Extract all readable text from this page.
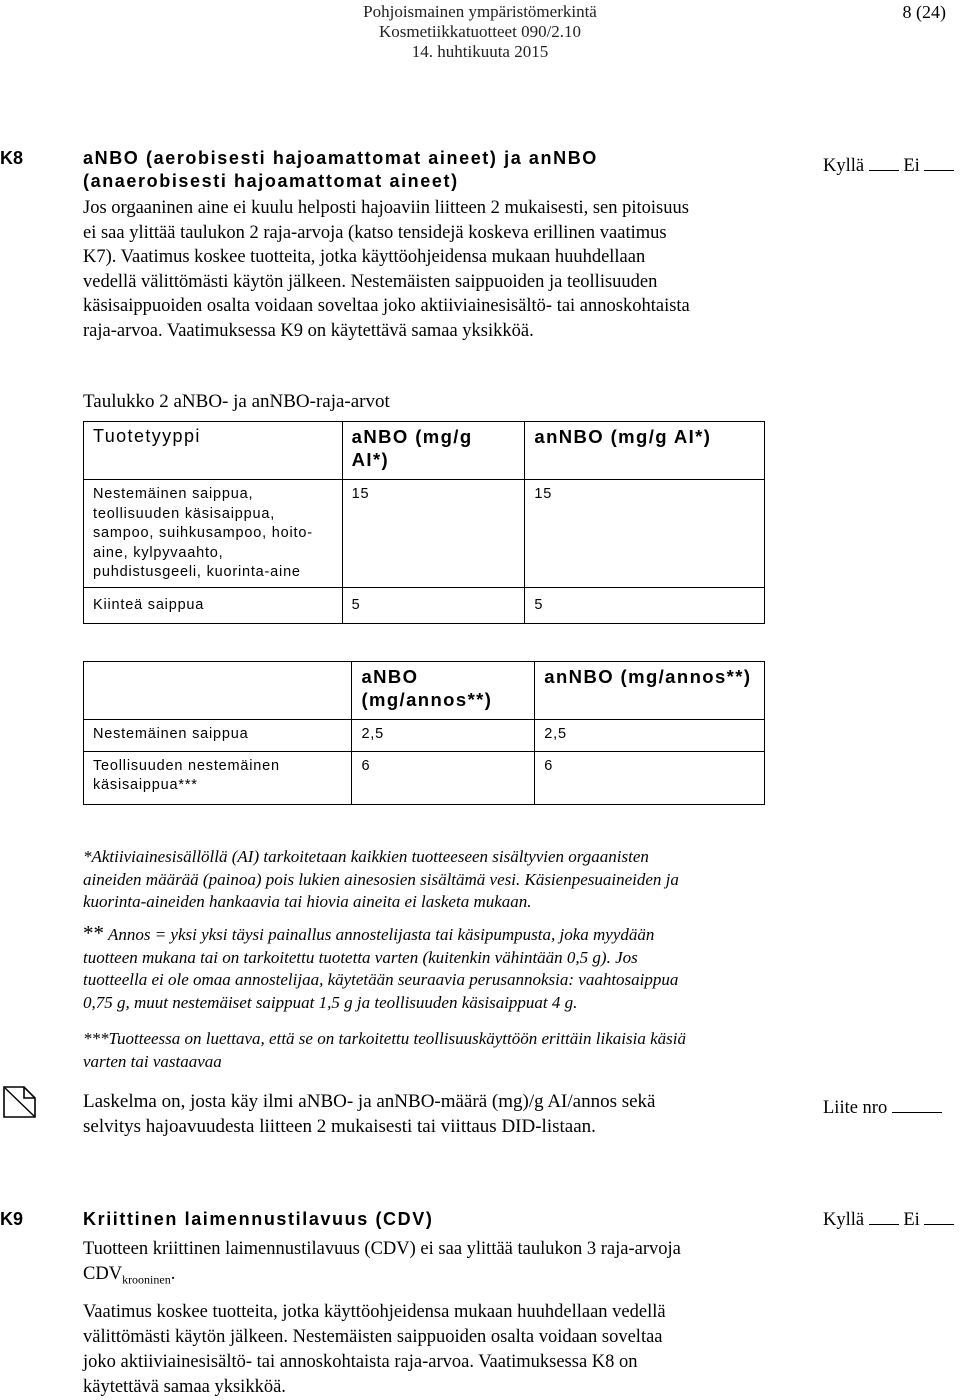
Pohjoismainen ympäristömerkintä
Kosmetiikkatuotteet 090/2.10
14. huhtikuuta 2015
8 (24)
K8	aNBO (aerobisesti hajoamattomat aineet) ja anNBO
(anaerobisesti hajoamattomat aineet)
Jos orgaaninen aine ei kuulu helposti hajoaviin liitteen 2 mukaisesti, sen pitoisuus
ei saa ylittää taulukon 2 raja-arvoja (katso tensidejä koskeva erillinen vaatimus
K7). Vaatimus koskee tuotteita, jotka käyttöohjeidensa mukaan huuhdellaan
vedellä välittömästi käytön jälkeen. Nestemäisten saippuoiden ja teollisuuden
käsisaippuoiden osalta voidaan soveltaa joko aktiiviainesisältö- tai annoskohtaista
raja-arvoa. Vaatimuksessa K9 on käytettävä samaa yksikköä.
Kyllä Ei
Taulukko 2 aNBO- ja anNBO-raja-arvot
Tuotetyyppi	aNBO (mg/g AI*)	anNBO (mg/g AI*)

Nestemäinen saippua,
teollisuuden käsisaippua,
sampoo, suihkusampoo, hoito-
aine, kylpyvaahto,
puhdistusgeeli, kuorinta-aine	15	15
Kiinteä saippua	5	5
	aNBO (mg/annos**)	anNBO (mg/annos**)
Nestemäinen saippua	2,5	2,5

Teollisuuden nestemäinen
käsisaippua***	6	6
*Aktiiviainesisällöllä (AI) tarkoitetaan kaikkien tuotteeseen sisältyvien orgaanisten
aineiden määrää (painoa) pois lukien ainesosien sisältämä vesi. Käsienpesuaineiden ja
kuorinta-aineiden hankaavia tai hiovia aineita ei lasketa mukaan.
** Annos = yksi yksi täysi painallus annostelijasta tai käsipumpusta, joka myydään
tuotteen mukana tai on tarkoitettu tuotetta varten (kuitenkin vähintään 0,5 g). Jos
tuotteella ei ole omaa annostelijaa, käytetään seuraavia perusannoksia: vaahtosaippua
0,75 g, muut nestemäiset saippuat 1,5 g ja teollisuuden käsisaippuat 4 g.
***Tuotteessa on luettava, että se on tarkoitettu teollisuuskäyttöön erittäin likaisia käsiä
varten tai vastaavaa
Laskelma on, josta käy ilmi aNBO- ja anNBO-määrä (mg)/g AI/annos sekä
selvitys hajoavuudesta liitteen 2 mukaisesti tai viittaus DID-listaan.
Liite nro
K9	Kriittinen laimennustilavuus (CDV)
Tuotteen kriittinen laimennustilavuus (CDV) ei saa ylittää taulukon 3 raja-arvoja
$CDV_{krooninen}$.
Vaatimus koskee tuotteita, jotka käyttöohjeidensa mukaan huuhdellaan vedellä
välittömästi käytön jälkeen. Nestemäisten saippuoiden osalta voidaan soveltaa
joko aktiiviainesisältö- tai annoskohtaista raja-arvoa. Vaatimuksessa K8 on
käytettävä samaa yksikköä.
Kyllä Ei
